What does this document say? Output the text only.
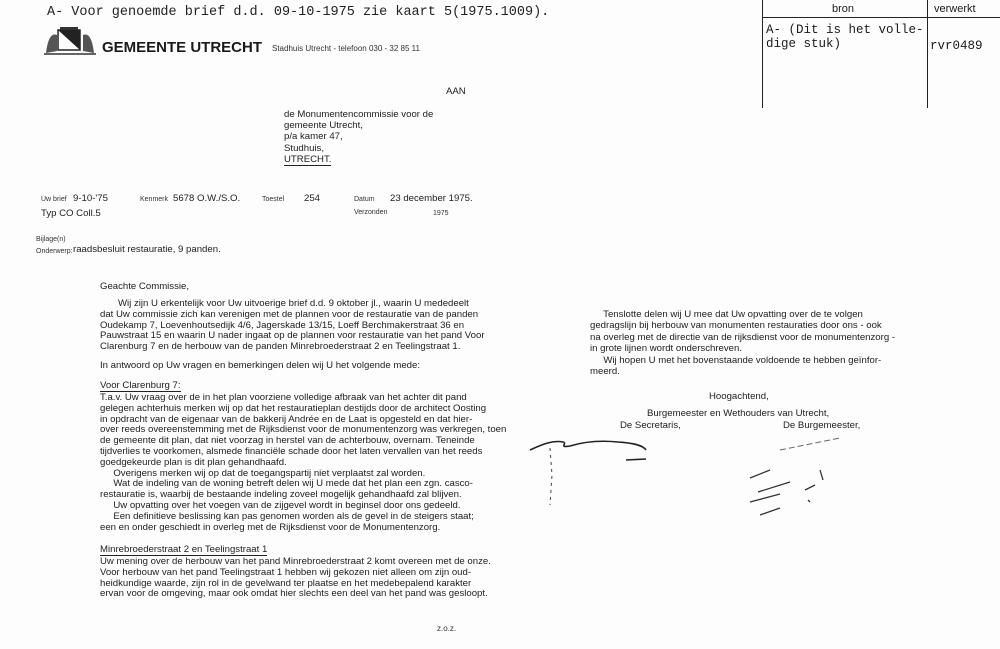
A- Voor genoemde brief d.d. 09-10-1975 zie kaart 5(1975.1009).	bron	verwerkt
A- (Dit is het volle-
dige stuk)	rvr0489
GEMEENTE UTRECHT Stadhuis Utrecht - telefoon 030 - 32 85 11
AAN
de Monumentencommissie voor de
gemeente Utrecht,
p/a kamer 47,
Studhuis,
UTRECHT.
Uw brief 9-10-'75	Kenmerk 5678 O.W./S.O.	Toestel 254	Datum 23 december 1975.
Verzonden	1975
Typ CO Coll.5
Bijlage(n)
Onderwerp: raadsbesluit restauratie, 9 panden.
Geachte Commissie,
Wij zijn U erkentelijk voor Uw uitvoerige brief d.d. 9 oktober jl., waarin U mededeelt
dat Uw commissie zich kan verenigen met de plannen voor de restauratie van de panden
Oudekamp 7, Loevenhoutsedijk 4/6, Jagerskade 13/15, Loeff Berchmakerstraat 36 en
Pauwstraat 15 en waarin U nader ingaat op de plannen voor restauratie van het pand Voor
Clarenburg 7 en de herbouw van de panden Minrebroederstraat 2 en Teelingstraat 1.
In antwoord op Uw vragen en bemerkingen delen wij U het volgende mede:
Voor Clarenburg 7:
T.a.v. Uw vraag over de in het plan voorziene volledige afbraak van het achter dit pand
gelegen achterhuis merken wij op dat het restauratieplan destijds door de architect Oosting
in opdracht van de eigenaar van de bakkerij Andrée en de Laat is opgesteld en dat hier-
over reeds overeenstemming met de Rijksdienst voor de monumentenzorg was verkregen, toen
de gemeente dit plan, dat niet voorzag in herstel van de achterbouw, overnam. Teneinde
tijdverlies te voorkomen, alsmede financiële schade door het laten vervallen van het reeds
goedgekeurde plan is dit plan gehandhaafd.
Overigens merken wij op dat de toegangspartij niet verplaatst zal worden.
Wat de indeling van de woning betreft delen wij U mede dat het plan een zgn. casco-
restauratie is, waarbij de bestaande indeling zoveel mogelijk gehandhaafd zal blijven.
Uw opvatting over het voegen van de zijgevel wordt in beginsel door ons gedeeld.
Een definitieve beslissing kan pas genomen worden als de gevel in de steigers staat;
een en onder geschiedt in overleg met de Rijksdienst voor de Monumentenzorg.
Minrebroederstraat 2 en Teelingstraat 1
Uw mening over de herbouw van het pand Minrebroederstraat 2 komt overeen met de onze.
Voor herbouw van het pand Teelingstraat 1 hebben wij gekozen niet alleen om zijn oud-
heidkundige waarde, zijn rol in de gevelwand ter plaatse en het medebepalend karakter
ervan voor de omgeving, maar ook omdat hier slechts een deel van het pand was gesloopt.
z.o.z.
Tenslotte delen wij U mee dat Uw opvatting over de te volgen
gedragslijn bij herbouw van monumenten restauraties door ons - ook
na overleg met de directie van de rijksdienst voor de monumentenzorg -
in grote lijnen wordt onderschreven.
Wij hopen U met het bovenstaande voldoende te hebben geïnfor-
meerd.
Hoogachtend,
Burgemeester en Wethouders van Utrecht,
De Secretaris,	De Burgemeester,
